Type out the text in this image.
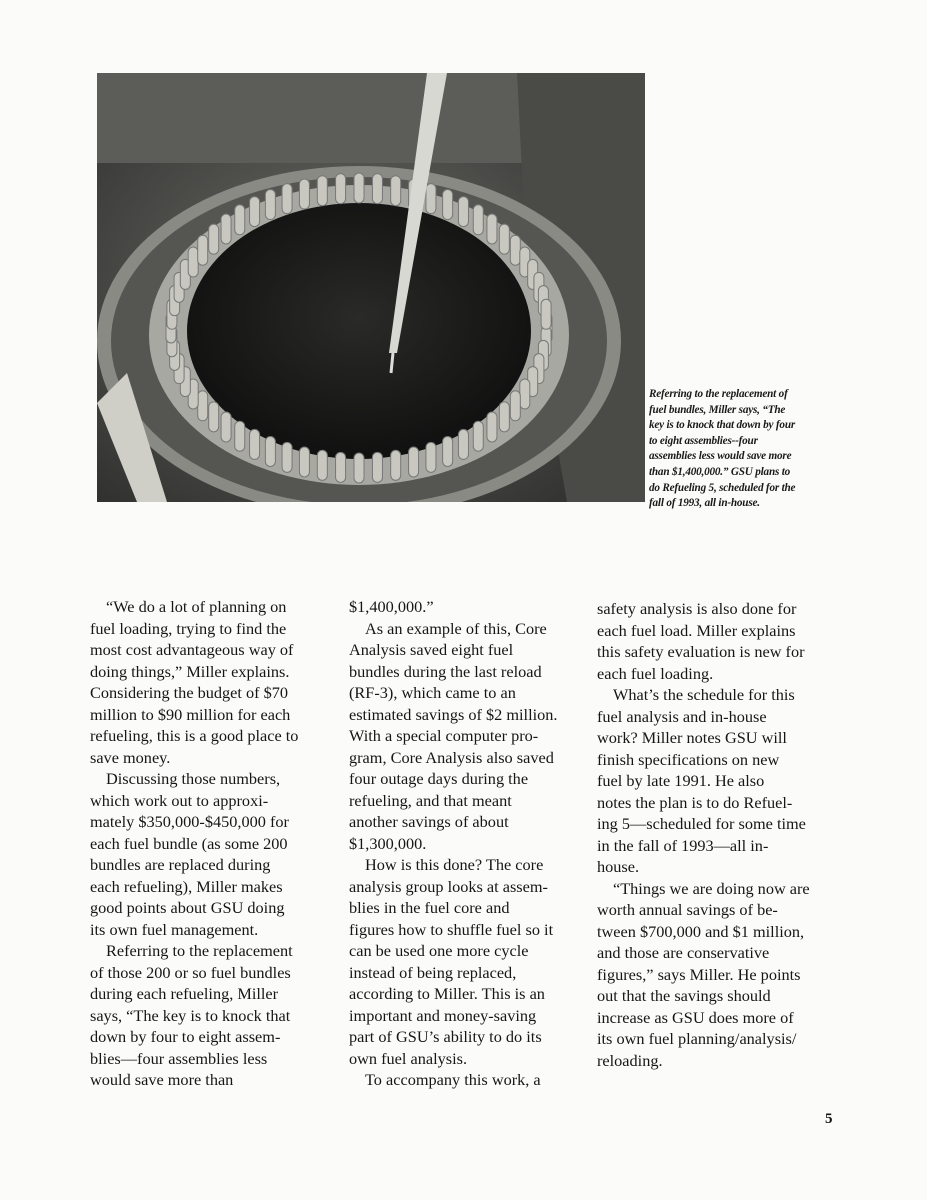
Referring to the replacement of
fuel bundles, Miller says, “The
key is to knock that down by four
to eight assemblies--four
assemblies less would save more
than $1,400,000.” GSU plans to
do Refueling 5, scheduled for the
fall of 1993, all in-house.
“We do a lot of planning on
fuel loading, trying to find the
most cost advantageous way of
doing things,” Miller explains.
Considering the budget of $70
million to $90 million for each
refueling, this is a good place to
save money.
Discussing those numbers,
which work out to approxi-
mately $350,000-$450,000 for
each fuel bundle (as some 200
bundles are replaced during
each refueling), Miller makes
good points about GSU doing
its own fuel management.
Referring to the replacement
of those 200 or so fuel bundles
during each refueling, Miller
says, “The key is to knock that
down by four to eight assem-
blies—four assemblies less
would save more than
$1,400,000.”
As an example of this, Core
Analysis saved eight fuel
bundles during the last reload
(RF-3), which came to an
estimated savings of $2 million.
With a special computer pro-
gram, Core Analysis also saved
four outage days during the
refueling, and that meant
another savings of about
$1,300,000.
How is this done? The core
analysis group looks at assem-
blies in the fuel core and
figures how to shuffle fuel so it
can be used one more cycle
instead of being replaced,
according to Miller. This is an
important and money-saving
part of GSU’s ability to do its
own fuel analysis.
To accompany this work, a
safety analysis is also done for
each fuel load. Miller explains
this safety evaluation is new for
each fuel loading.
What’s the schedule for this
fuel analysis and in-house
work? Miller notes GSU will
finish specifications on new
fuel by late 1991. He also
notes the plan is to do Refuel-
ing 5—scheduled for some time
in the fall of 1993—all in-
house.
“Things we are doing now are
worth annual savings of be-
tween $700,000 and $1 million,
and those are conservative
figures,” says Miller. He points
out that the savings should
increase as GSU does more of
its own fuel planning/analysis/
reloading.
5
